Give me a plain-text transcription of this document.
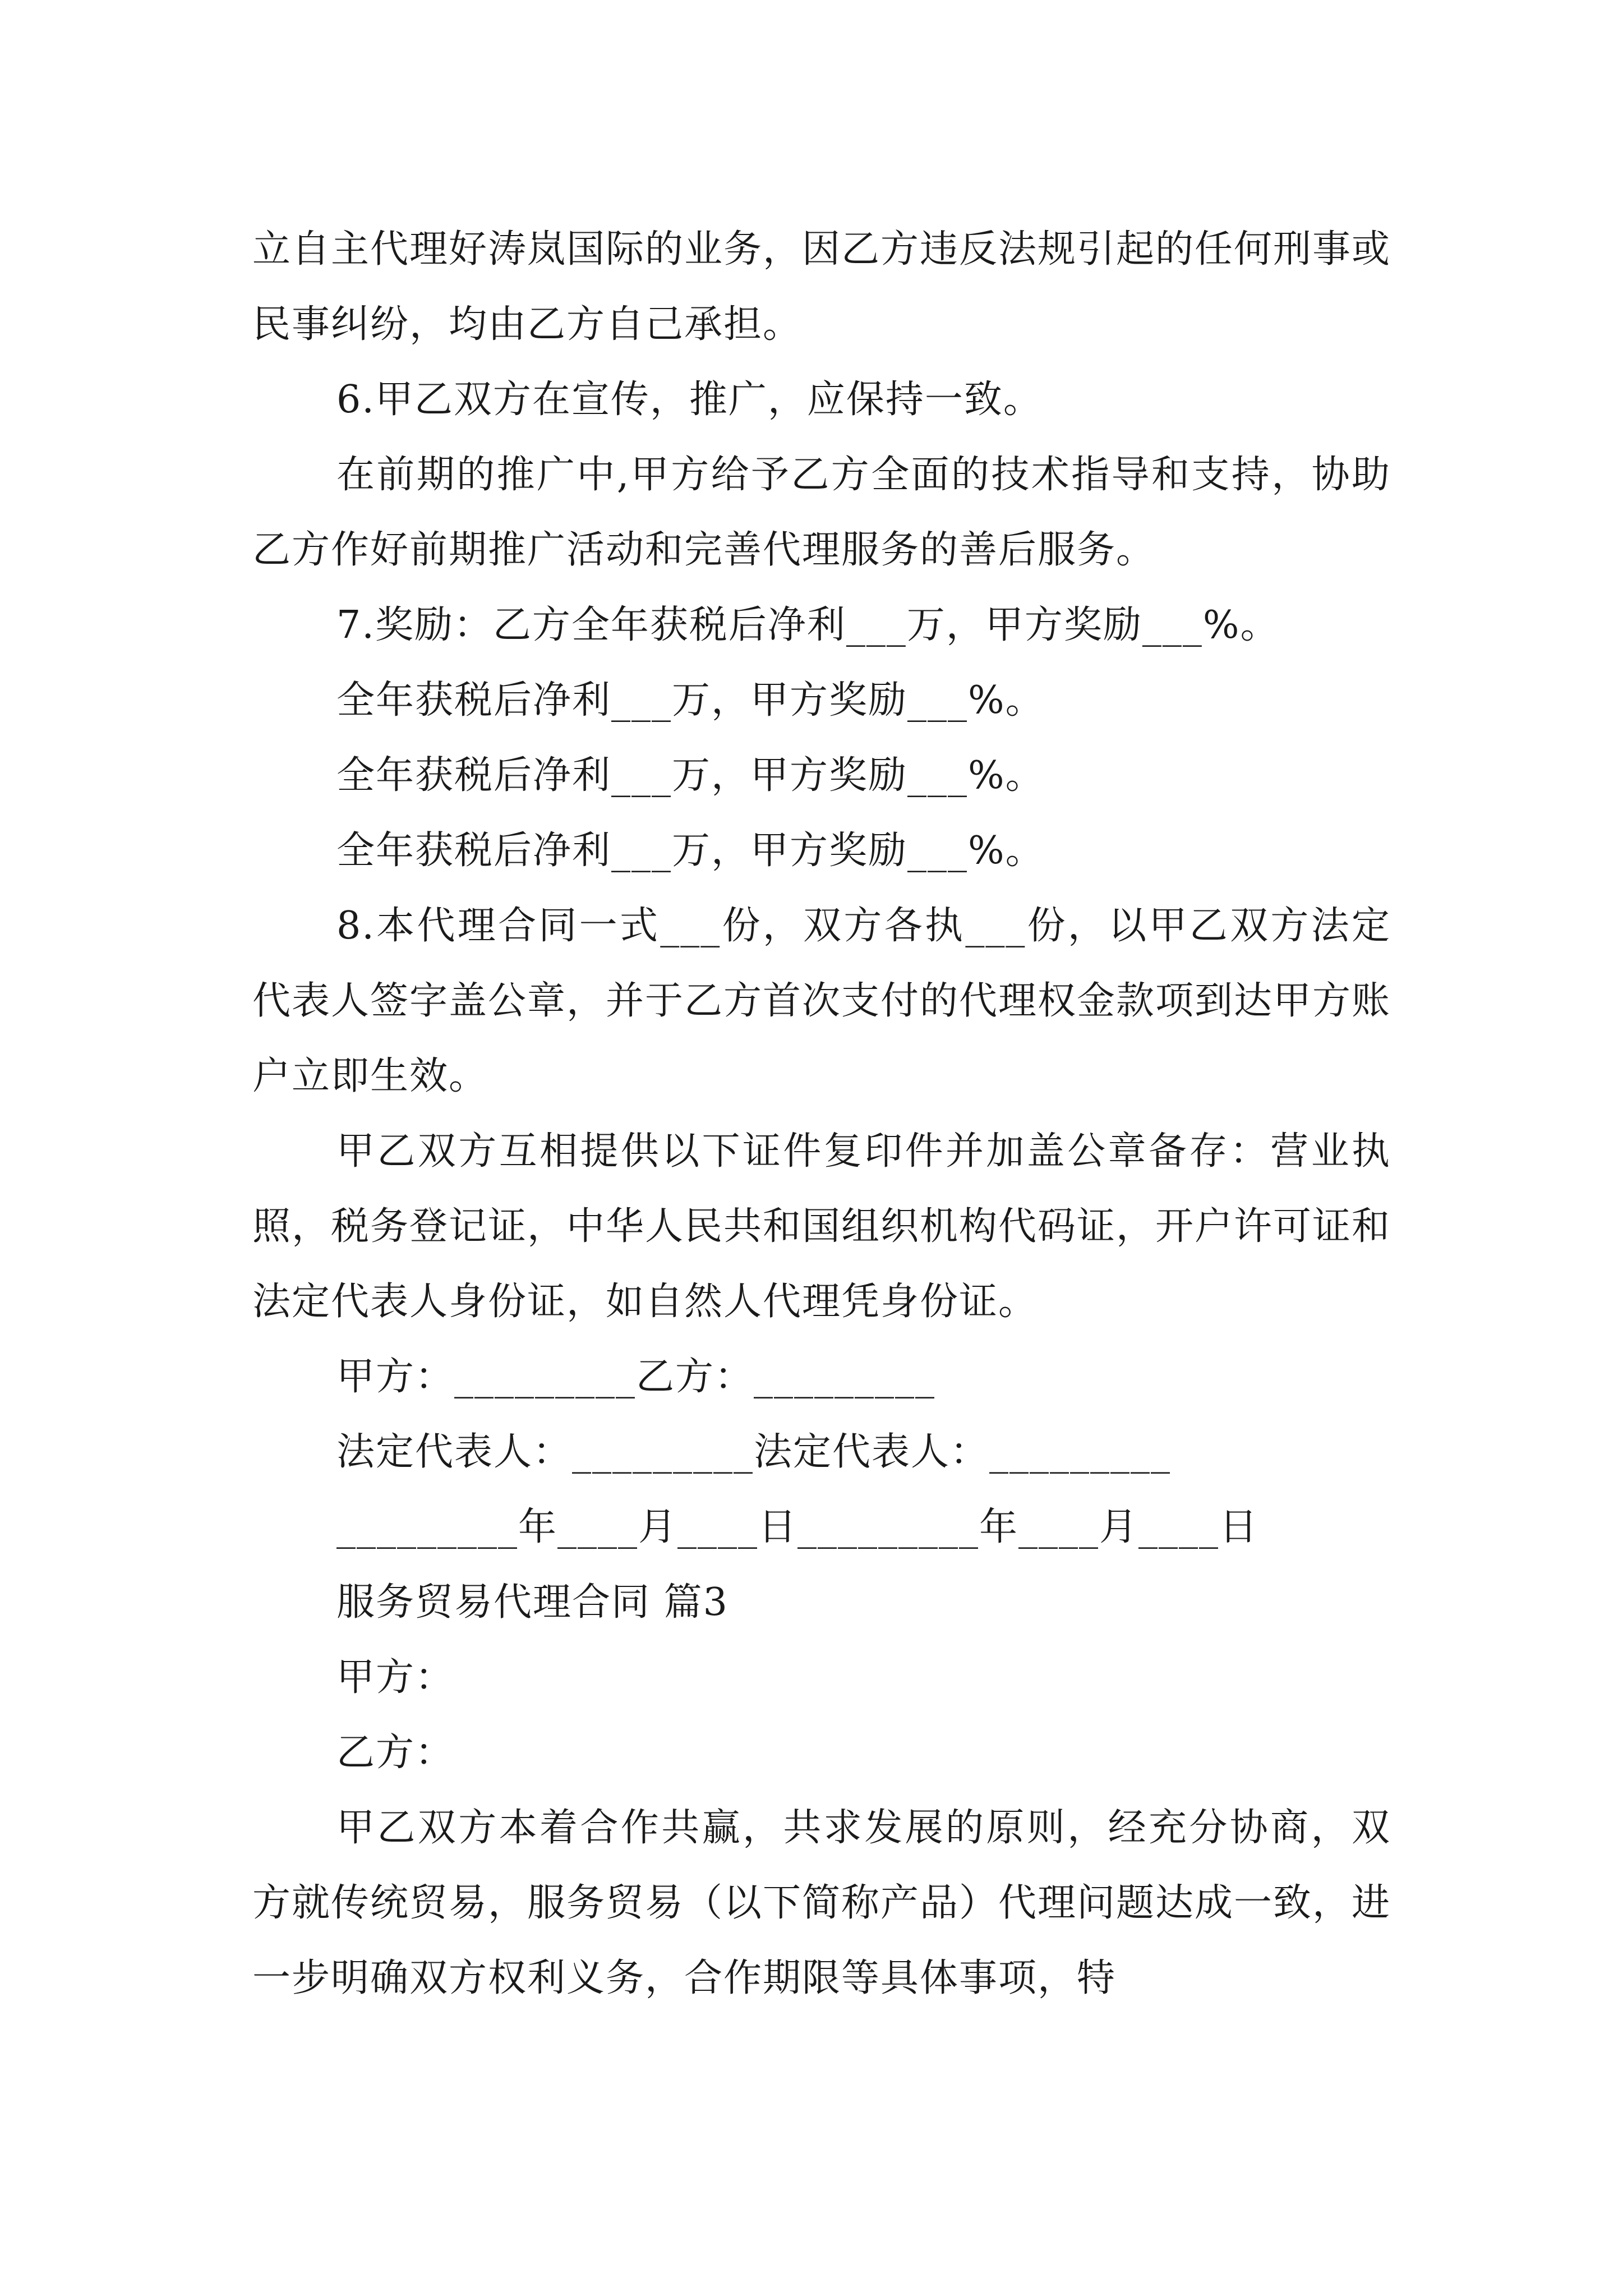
立自主代理好涛岚国际的业务，因乙方违反法规引起的任何刑事或民事纠纷，均由乙方自己承担。

6.甲乙双方在宣传，推广，应保持一致。

在前期的推广中,甲方给予乙方全面的技术指导和支持，协助乙方作好前期推广活动和完善代理服务的善后服务。

7.奖励：乙方全年获税后净利___万，甲方奖励___%。

全年获税后净利___万，甲方奖励___%。

全年获税后净利___万，甲方奖励___%。

全年获税后净利___万，甲方奖励___%。

8.本代理合同一式___份，双方各执___份，以甲乙双方法定代表人签字盖公章，并于乙方首次支付的代理权金款项到达甲方账户立即生效。

甲乙双方互相提供以下证件复印件并加盖公章备存：营业执照，税务登记证，中华人民共和国组织机构代码证，开户许可证和法定代表人身份证，如自然人代理凭身份证。

甲方：_________乙方：_________

法定代表人：_________法定代表人：_________

_________年____月____日_________年____月____日

服务贸易代理合同 篇3

甲方：

乙方：

甲乙双方本着合作共赢，共求发展的原则，经充分协商，双方就传统贸易，服务贸易（以下简称产品）代理问题达成一致，进一步明确双方权利义务，合作期限等具体事项，特
